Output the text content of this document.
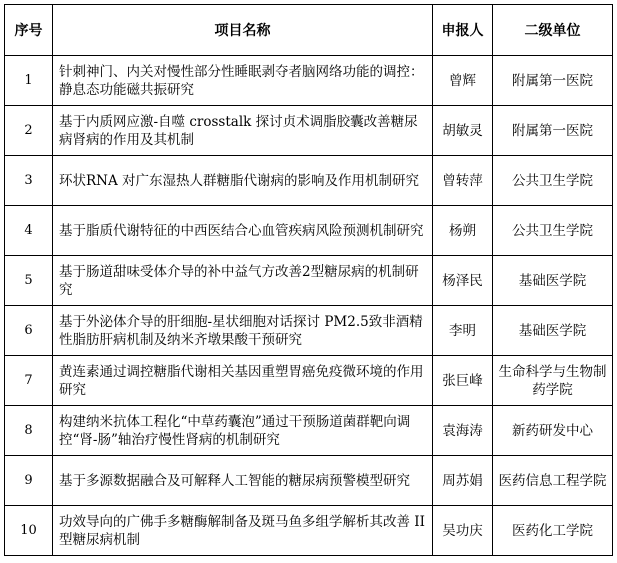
序号	项目名称	申报人	二级单位
1	针刺神门、内关对慢性部分性睡眠剥夺者脑网络功能的调控：静息态功能磁共振研究	曾辉	附属第一医院
2	基于内质网应激-自噬 crosstalk 探讨贞术调脂胶囊改善糖尿病肾病的作用及其机制	胡敏灵	附属第一医院
3	环状RNA 对广东湿热人群糖脂代谢病的影响及作用机制研究	曾转萍	公共卫生学院
4	基于脂质代谢特征的中西医结合心血管疾病风险预测机制研究	杨朔	公共卫生学院
5	基于肠道甜味受体介导的补中益气方改善2型糖尿病的机制研究	杨泽民	基础医学院
6	基于外泌体介导的肝细胞-星状细胞对话探讨 PM2.5致非酒精性脂肪肝病机制及纳米齐墩果酸干预研究	李明	基础医学院
7	黄连素通过调控糖脂代谢相关基因重塑胃癌免疫微环境的作用研究	张巨峰	生命科学与生物制药学院
8	构建纳米抗体工程化“中草药囊泡”通过干预肠道菌群靶向调控“肾-肠”轴治疗慢性肾病的机制研究	袁海涛	新药研发中心
9	基于多源数据融合及可解释人工智能的糖尿病预警模型研究	周苏娟	医药信息工程学院
10	功效导向的广佛手多糖酶解制备及斑马鱼多组学解析其改善 II 型糖尿病机制	吴功庆	医药化工学院
